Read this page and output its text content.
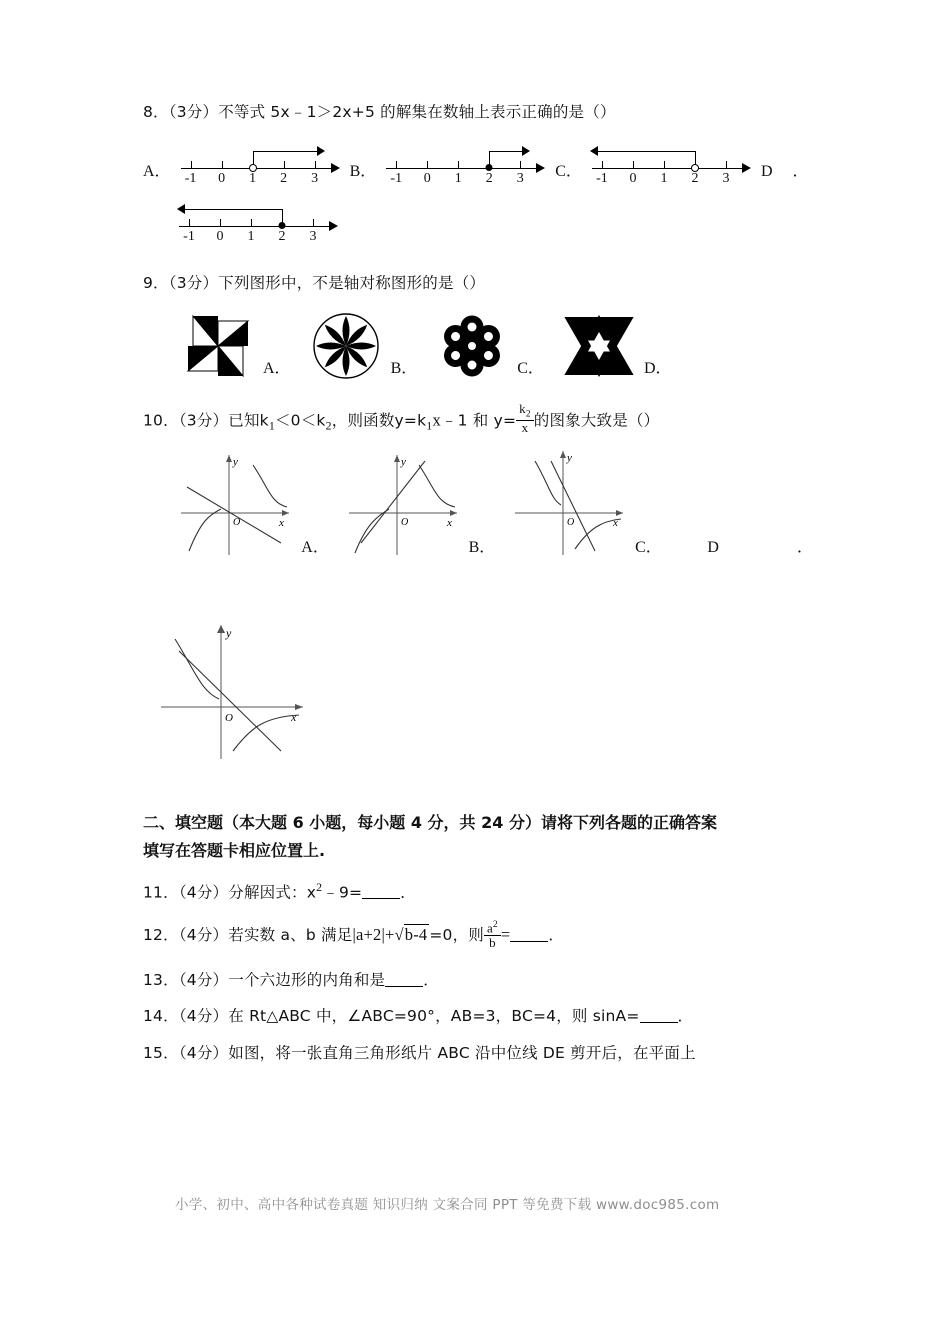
8．（3分）不等式 5x﹣1＞2x+5 的解集在数轴上表示正确的是（）
A． -1 0 1 2 3 B． -1 0 1 2 3 C． -1 0 1 2 3 D	．
-1 0 1 2 3
9．（3分）下列图形中，不是轴对称图形的是（）
A．	B．	C．	D．
10．（3分）已知$k_1<0<k_2$，则函数$y=k_1x﹣1$ 和 $y= \frac{k_2}{x}$ 的图象大致是（）
y
x
O
A．
y
x
O
B．
y
x
O
C．	D	．
y
x
O
二、填空题（本大题 6 小题，每小题 4 分，共 24 分）请将下列各题的正确答案
填写在答题卡相应位置上.
11．（4分）分解因式：$x^2﹣9=$ ．
12．（4分）若实数 a、b 满足|a+2|+√b-4 =0，则 $\frac{a^2}{b}$ = ．
13．（4分）一个六边形的内角和是 ．
14．（4分）在 Rt△ABC 中，∠ABC=90°，AB=3，BC=4，则 sinA= ．
15．（4分）如图，将一张直角三角形纸片 ABC 沿中位线 DE 剪开后，在平面上
小学、初中、高中各种试卷真题 知识归纳 文案合同 PPT 等免费下载 www.doc985.com
